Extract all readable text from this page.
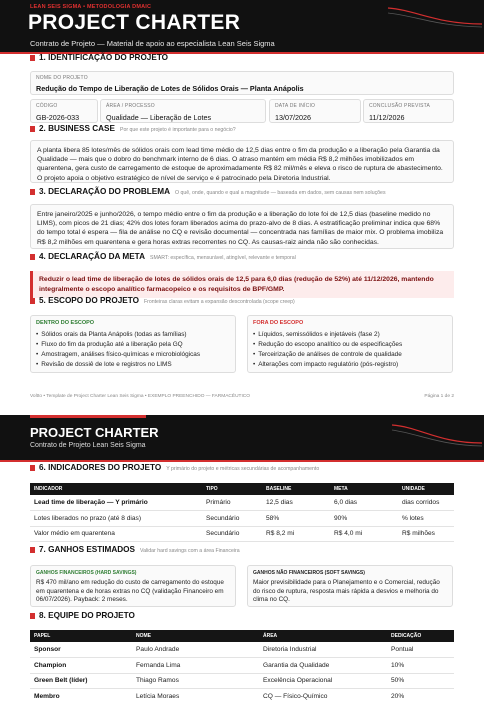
LEAN SEIS SIGMA • METODOLOGIA DMAIC
PROJECT CHARTER
Contrato de Projeto — Material de apoio ao especialista Lean Seis Sigma
1. IDENTIFICAÇÃO DO PROJETO
NOME DO PROJETO
Redução do Tempo de Liberação de Lotes de Sólidos Orais — Planta Anápolis
CÓDIGO
GB-2026-033
ÁREA / PROCESSO
Qualidade — Liberação de Lotes
DATA DE INÍCIO
13/07/2026
CONCLUSÃO PREVISTA
11/12/2026
2. BUSINESS CASE Por que este projeto é importante para o negócio?
A planta libera 85 lotes/mês de sólidos orais com lead time médio de 12,5 dias entre o fim da produção e a liberação pela Garantia da Qualidade — mais que o dobro do benchmark interno de 6 dias. O atraso mantém em média R$ 8,2 milhões imobilizados em quarentena, gera custo de carregamento de estoque de aproximadamente R$ 82 mil/mês e eleva o risco de ruptura de abastecimento. O projeto apoia o objetivo estratégico de nível de serviço e é patrocinado pela Diretoria Industrial.
3. DECLARAÇÃO DO PROBLEMA O quê, onde, quando e qual a magnitude — baseada em dados, sem causas nem soluções
Entre janeiro/2025 e junho/2026, o tempo médio entre o fim da produção e a liberação do lote foi de 12,5 dias (baseline medido no LIMS), com picos de 21 dias; 42% dos lotes foram liberados acima do prazo-alvo de 8 dias. A estratificação preliminar indica que 68% do tempo total é espera — fila de análise no CQ e revisão documental — concentrada nas famílias de maior mix. O problema imobiliza R$ 8,2 milhões em quarentena e gera horas extras recorrentes no CQ. As causas-raiz ainda não são conhecidas.
4. DECLARAÇÃO DA META SMART: específica, mensurável, atingível, relevante e temporal
Reduzir o lead time de liberação de lotes de sólidos orais de 12,5 para 6,0 dias (redução de 52%) até 11/12/2026, mantendo integralmente o escopo analítico farmacopeico e os requisitos de BPF/GMP.
5. ESCOPO DO PROJETO Fronteiras claras evitam a expansão descontrolada (scope creep)
DENTRO DO ESCOPO
• Sólidos orais da Planta Anápolis (todas as famílias)
• Fluxo do fim da produção até a liberação pela GQ
• Amostragem, análises físico-químicas e microbiológicas
• Revisão de dossiê de lote e registros no LIMS
FORA DO ESCOPO
• Líquidos, semissólidos e injetáveis (fase 2)
• Redução do escopo analítico ou de especificações
• Terceirização de análises de controle de qualidade
• Alterações com impacto regulatório (pós-registro)
Voltto • Template de Project Charter Lean Seis Sigma • EXEMPLO PREENCHIDO — FARMACÊUTICO	Página 1 de 2
PROJECT CHARTER
Contrato de Projeto Lean Seis Sigma
6. INDICADORES DO PROJETO Y primário do projeto e métricas secundárias de acompanhamento
INDICADOR	TIPO	BASELINE	META	UNIDADE
Lead time de liberação — Y primário	Primário	12,5 dias	6,0 dias	dias corridos
Lotes liberados no prazo (até 8 dias)	Secundário	58%	90%	% lotes
Valor médio em quarentena	Secundário	R$ 8,2 mi	R$ 4,0 mi	R$ milhões
7. GANHOS ESTIMADOS Validar hard savings com a área Financeira
GANHOS FINANCEIROS (HARD SAVINGS)
R$ 470 mil/ano em redução do custo de carregamento do estoque em quarentena e de horas extras no CQ (validação Financeiro em 06/07/2026). Payback: 2 meses.
GANHOS NÃO FINANCEIROS (SOFT SAVINGS)
Maior previsibilidade para o Planejamento e o Comercial, redução do risco de ruptura, resposta mais rápida a desvios e melhoria do clima no CQ.
8. EQUIPE DO PROJETO
PAPEL	NOME	ÁREA	DEDICAÇÃO
Sponsor	Paulo Andrade	Diretoria Industrial	Pontual
Champion	Fernanda Lima	Garantia da Qualidade	10%
Green Belt (líder)	Thiago Ramos	Excelência Operacional	50%
Membro	Letícia Moraes	CQ — Físico-Químico	20%
